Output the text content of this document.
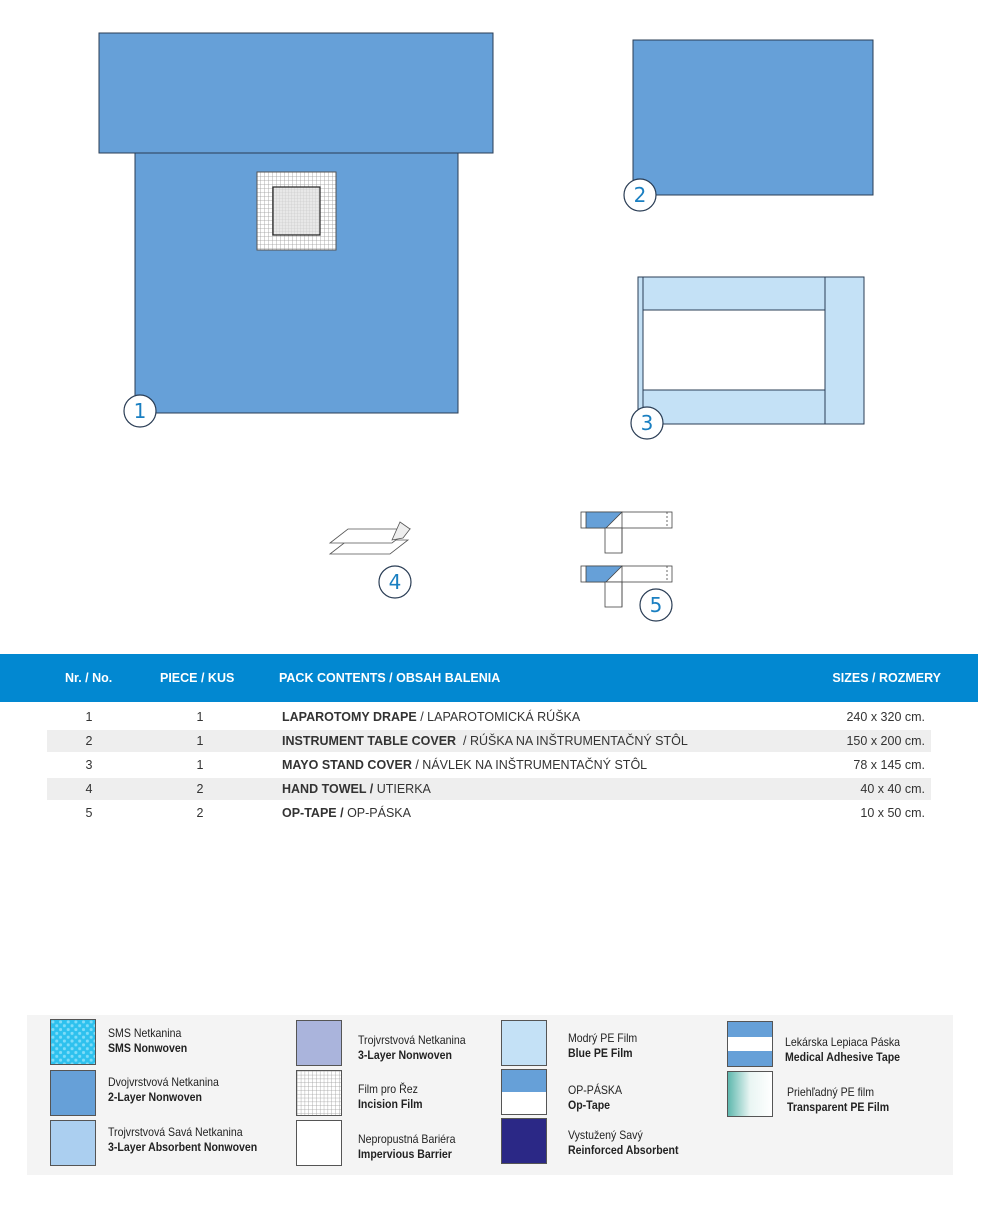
1
2
3
4
5
Nr. / No.	PIECE / KUS	PACK CONTENTS / OBSAH BALENIA	SIZES / ROZMERY
1	1	LAPAROTOMY DRAPE / LAPAROTOMICKÁ RÚŠKA	240 x 320 cm.
2	1	INSTRUMENT TABLE COVER  / RÚŠKA NA INŠTRUMENTAČNÝ STÔL	150 x 200 cm.
3	1	MAYO STAND COVER / NÁVLEK NA INŠTRUMENTAČNÝ STÔL	78 x 145 cm.
4	2	HAND TOWEL / UTIERKA	40 x 40 cm.
5	2	OP-TAPE / OP-PÁSKA	10 x 50 cm.
SMS Netkanina
SMS Nonwoven
Dvojvrstvová Netkanina
2-Layer Nonwoven
Trojvrstvová Savá Netkanina
3-Layer Absorbent Nonwoven
Trojvrstvová Netkanina
3-Layer Nonwoven
Film pro Řez
Incision Film
Nepropustná Bariéra
Impervious Barrier
Modrý PE Film
Blue PE Film
OP-PÁSKA
Op-Tape
Vystužený Savý
Reinforced Absorbent
Lekárska Lepiaca Páska
Medical Adhesive Tape
Priehľadný PE film
Transparent PE Film
